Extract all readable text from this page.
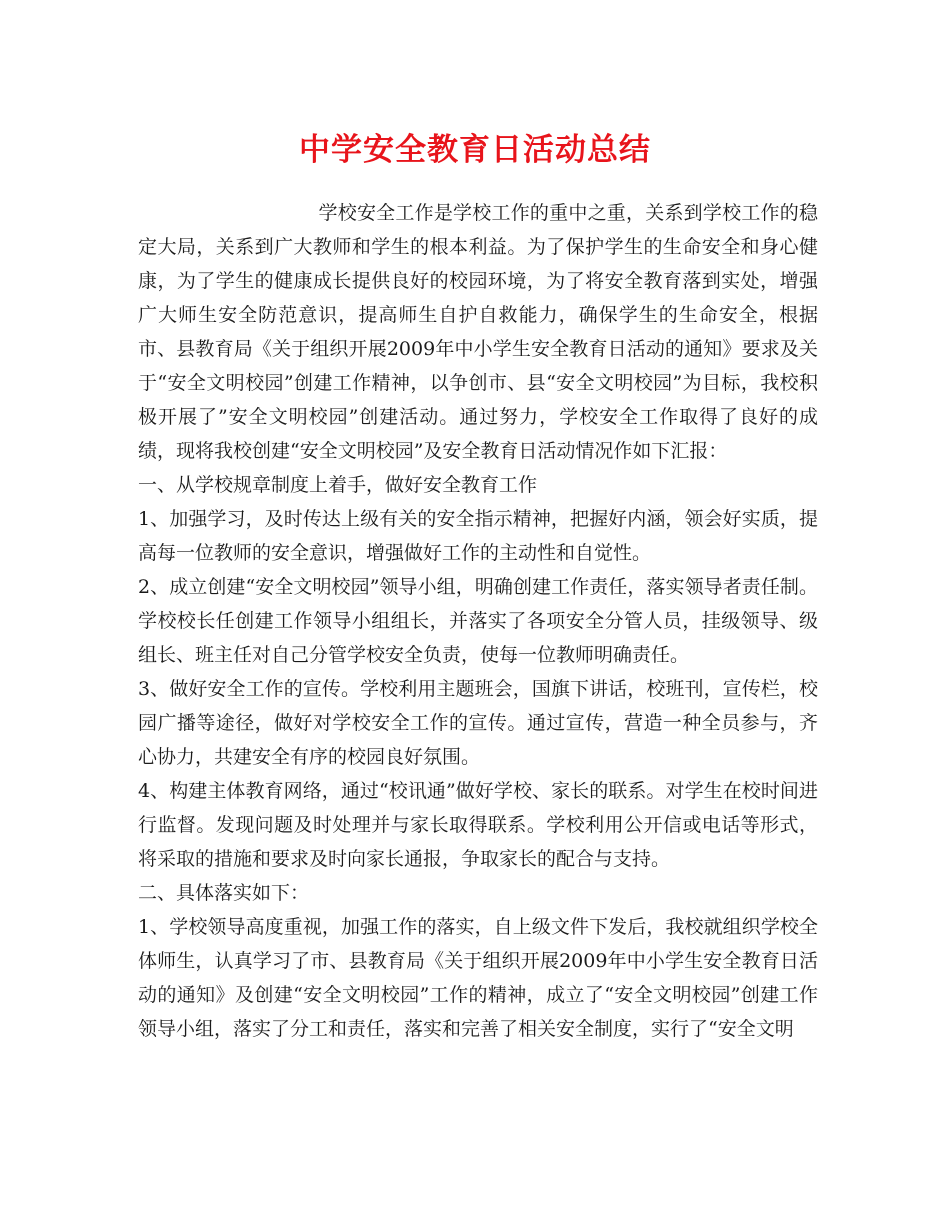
中学安全教育日活动总结

学校安全工作是学校工作的重中之重，关系到学校工作的稳定大局，关系到广大教师和学生的根本利益。为了保护学生的生命安全和身心健康，为了学生的健康成长提供良好的校园环境，为了将安全教育落到实处，增强广大师生安全防范意识，提高师生自护自救能力，确保学生的生命安全，根据市、县教育局《关于组织开展2009年中小学生安全教育日活动的通知》要求及关于“安全文明校园”创建工作精神，以争创市、县“安全文明校园”为目标，我校积极开展了”安全文明校园”创建活动。通过努力，学校安全工作取得了良好的成绩，现将我校创建“安全文明校园”及安全教育日活动情况作如下汇报：

一、从学校规章制度上着手，做好安全教育工作

1、加强学习，及时传达上级有关的安全指示精神，把握好内涵，领会好实质，提高每一位教师的安全意识，增强做好工作的主动性和自觉性。

2、成立创建“安全文明校园”领导小组，明确创建工作责任，落实领导者责任制。学校校长任创建工作领导小组组长，并落实了各项安全分管人员，挂级领导、级组长、班主任对自己分管学校安全负责，使每一位教师明确责任。

3、做好安全工作的宣传。学校利用主题班会，国旗下讲话，校班刊，宣传栏，校园广播等途径，做好对学校安全工作的宣传。通过宣传，营造一种全员参与，齐心协力，共建安全有序的校园良好氛围。

4、构建主体教育网络，通过“校讯通”做好学校、家长的联系。对学生在校时间进行监督。发现问题及时处理并与家长取得联系。学校利用公开信或电话等形式，将采取的措施和要求及时向家长通报，争取家长的配合与支持。

二、具体落实如下：

1、学校领导高度重视，加强工作的落实，自上级文件下发后，我校就组织学校全体师生，认真学习了市、县教育局《关于组织开展2009年中小学生安全教育日活动的通知》及创建“安全文明校园”工作的精神，成立了“安全文明校园”创建工作领导小组，落实了分工和责任，落实和完善了相关安全制度，实行了“安全文明
